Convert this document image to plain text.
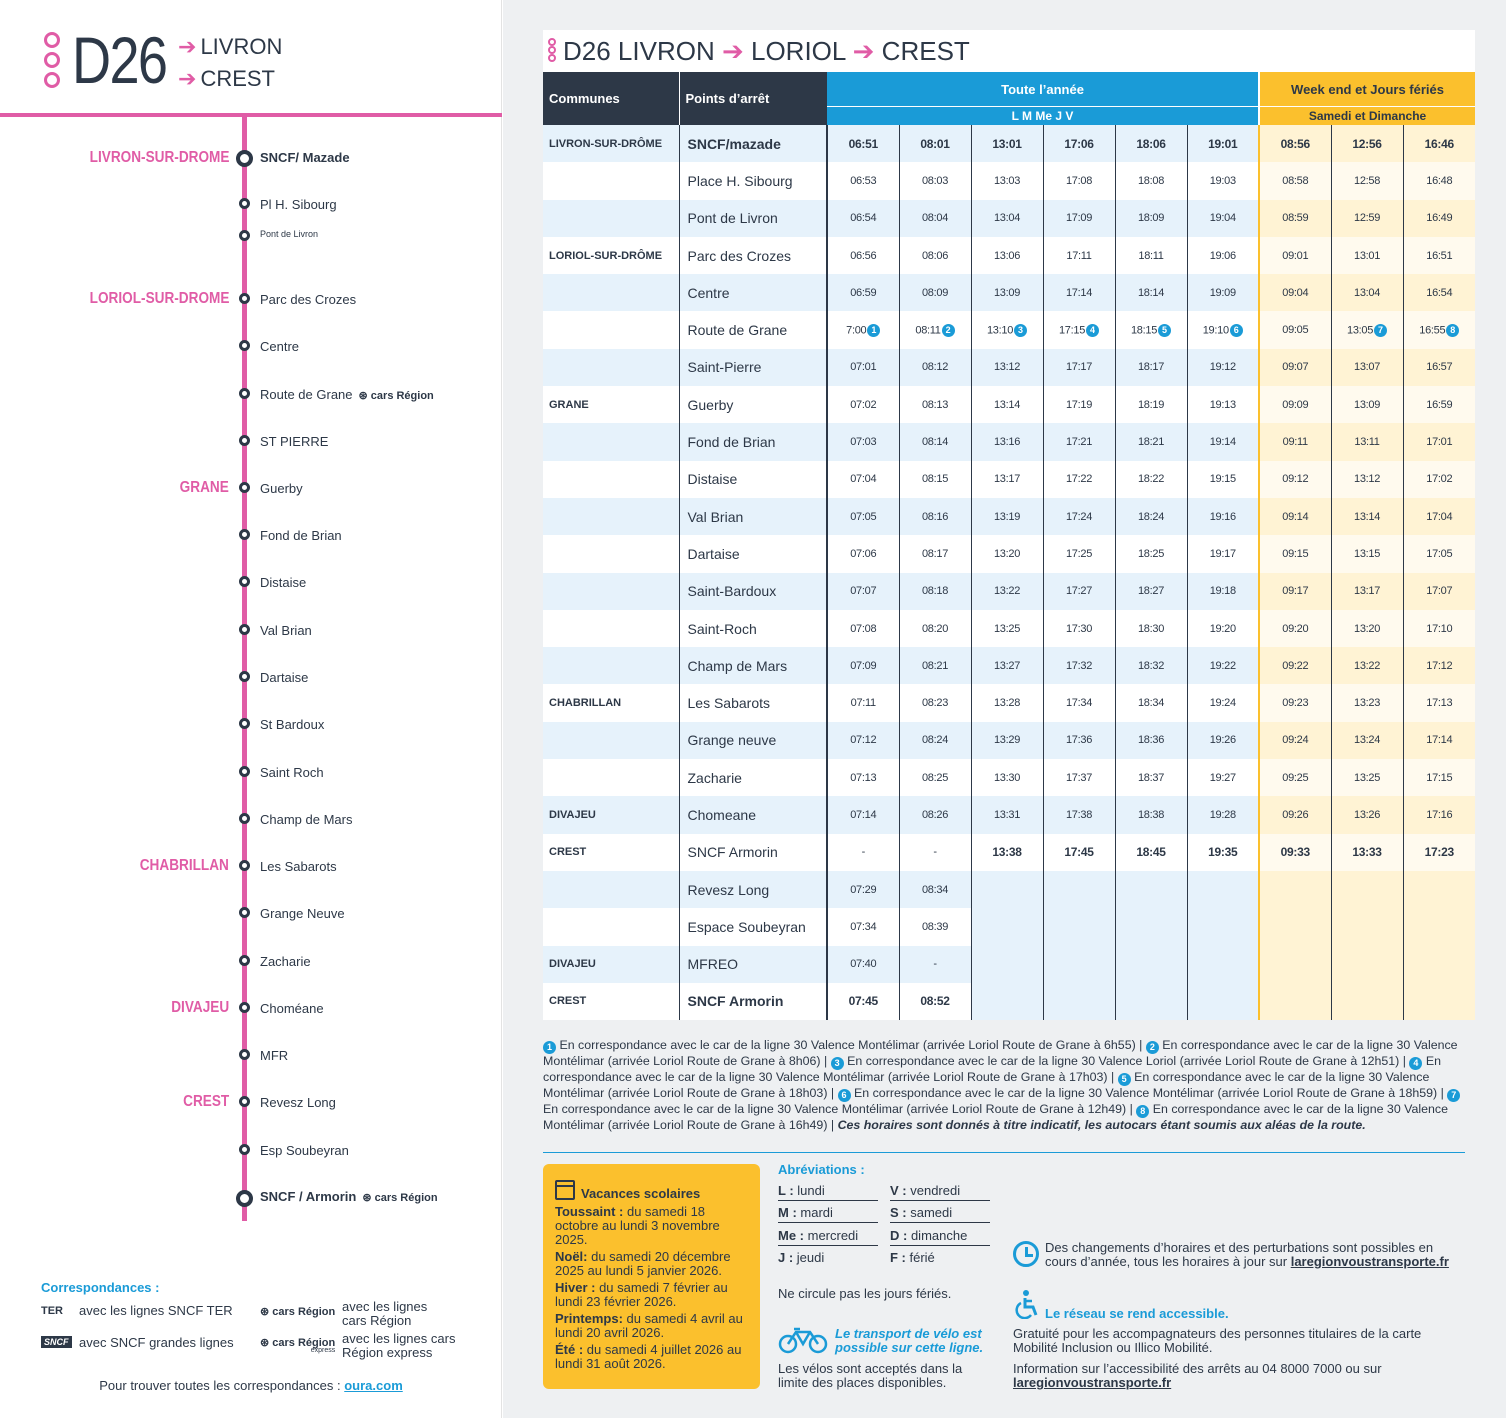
D26 ➔ LIVRON
➔ CREST
LIVRON-SUR-DROME
LORIOL-SUR-DROME
GRANE
CHABRILLAN
DIVAJEU
CREST
SNCF/ Mazade
Pl H. Sibourg
Pont de Livron
Parc des Crozes
Centre
Route de Grane ⊛ cars Région
ST PIERRE
Guerby
Fond de Brian
Distaise
Val Brian
Dartaise
St Bardoux
Saint Roch
Champ de Mars
Les Sabarots
Grange Neuve
Zacharie
Choméane
MFR
Revesz Long
Esp Soubeyran
SNCF / Armorin ⊛ cars Région
Correspondances :
TER avec les lignes SNCF TER
SNCF avec SNCF grandes lignes
⊛ cars Région avec les lignes cars Région
⊛ cars Région
express
avec les lignes cars Région express
Pour trouver toutes les correspondances : oura.com
D26 LIVRON ➔ LORIOL ➔ CREST
Communes	Points d’arrêt	Toute l’année						Week end et Jours fériés		
		L M Me J V						Samedi et Dimanche		
LIVRON-SUR-DRÔME	SNCF/mazade	06:51	08:01	13:01	17:06	18:06	19:01	08:56	12:56	16:46
	Place H. Sibourg	06:53	08:03	13:03	17:08	18:08	19:03	08:58	12:58	16:48
	Pont de Livron	06:54	08:04	13:04	17:09	18:09	19:04	08:59	12:59	16:49
LORIOL-SUR-DRÔME	Parc des Crozes	06:56	08:06	13:06	17:11	18:11	19:06	09:01	13:01	16:51
	Centre	06:59	08:09	13:09	17:14	18:14	19:09	09:04	13:04	16:54
	Route de Grane	7:00 1	08:11 2	13:10 3	17:15 4	18:15 5	19:10 6	09:05	13:05 7	16:55 8
	Saint-Pierre	07:01	08:12	13:12	17:17	18:17	19:12	09:07	13:07	16:57
GRANE	Guerby	07:02	08:13	13:14	17:19	18:19	19:13	09:09	13:09	16:59
	Fond de Brian	07:03	08:14	13:16	17:21	18:21	19:14	09:11	13:11	17:01
	Distaise	07:04	08:15	13:17	17:22	18:22	19:15	09:12	13:12	17:02
	Val Brian	07:05	08:16	13:19	17:24	18:24	19:16	09:14	13:14	17:04
	Dartaise	07:06	08:17	13:20	17:25	18:25	19:17	09:15	13:15	17:05
	Saint-Bardoux	07:07	08:18	13:22	17:27	18:27	19:18	09:17	13:17	17:07
	Saint-Roch	07:08	08:20	13:25	17:30	18:30	19:20	09:20	13:20	17:10
	Champ de Mars	07:09	08:21	13:27	17:32	18:32	19:22	09:22	13:22	17:12
CHABRILLAN	Les Sabarots	07:11	08:23	13:28	17:34	18:34	19:24	09:23	13:23	17:13
	Grange neuve	07:12	08:24	13:29	17:36	18:36	19:26	09:24	13:24	17:14
	Zacharie	07:13	08:25	13:30	17:37	18:37	19:27	09:25	13:25	17:15
DIVAJEU	Chomeane	07:14	08:26	13:31	17:38	18:38	19:28	09:26	13:26	17:16
CREST	SNCF Armorin	-	-	13:38	17:45	18:45	19:35	09:33	13:33	17:23
	Revesz Long	07:29	08:34							
	Espace Soubeyran	07:34	08:39							
DIVAJEU	MFREO	07:40	-							
CREST	SNCF Armorin	07:45	08:52							
1 En correspondance avec le car de la ligne 30 Valence Montélimar (arrivée Loriol Route de Grane à 6h55) | 2 En correspondance avec le car de la ligne 30 Valence Montélimar (arrivée Loriol Route de Grane à 8h06) | 3 En correspondance avec le car de la ligne 30 Valence Loriol (arrivée Loriol Route de Grane à 12h51) | 4 En correspondance avec le car de la ligne 30 Valence Montélimar (arrivée Loriol Route de Grane à 17h03) | 5 En correspondance avec le car de la ligne 30 Valence Montélimar (arrivée Loriol Route de Grane à 18h03) | 6 En correspondance avec le car de la ligne 30 Valence Montélimar (arrivée Loriol Route de Grane à 18h59) | 7 En correspondance avec le car de la ligne 30 Valence Montélimar (arrivée Loriol Route de Grane à 12h49) | 8 En correspondance avec le car de la ligne 30 Valence Montélimar (arrivée Loriol Route de Grane à 16h49) | Ces horaires sont donnés à titre indicatif, les autocars étant soumis aux aléas de la route.
Vacances scolaires
Toussaint : du samedi 18 octobre au lundi 3 novembre 2025.
Noël: du samedi 20 décembre 2025 au lundi 5 janvier 2026.
Hiver : du samedi 7 février au lundi 23 février 2026.
Printemps: du samedi 4 avril au lundi 20 avril 2026.
Été : du samedi 4 juillet 2026 au lundi 31 août 2026.
Abréviations :
L : lundi	V : vendredi
M : mardi	S : samedi
Me : mercredi	D : dimanche
J : jeudi	F : férié
Ne circule pas les jours fériés.
Le transport de vélo est possible sur cette ligne.
Les vélos sont acceptés dans la limite des places disponibles.
Des changements d’horaires et des perturbations sont possibles en cours d’année, tous les horaires à jour sur laregionvoustransporte.fr
Le réseau se rend accessible.
Gratuité pour les accompagnateurs des personnes titulaires de la carte Mobilité Inclusion ou Illico Mobilité.
Information sur l’accessibilité des arrêts au 04 8000 7000 ou sur
laregionvoustransporte.fr
